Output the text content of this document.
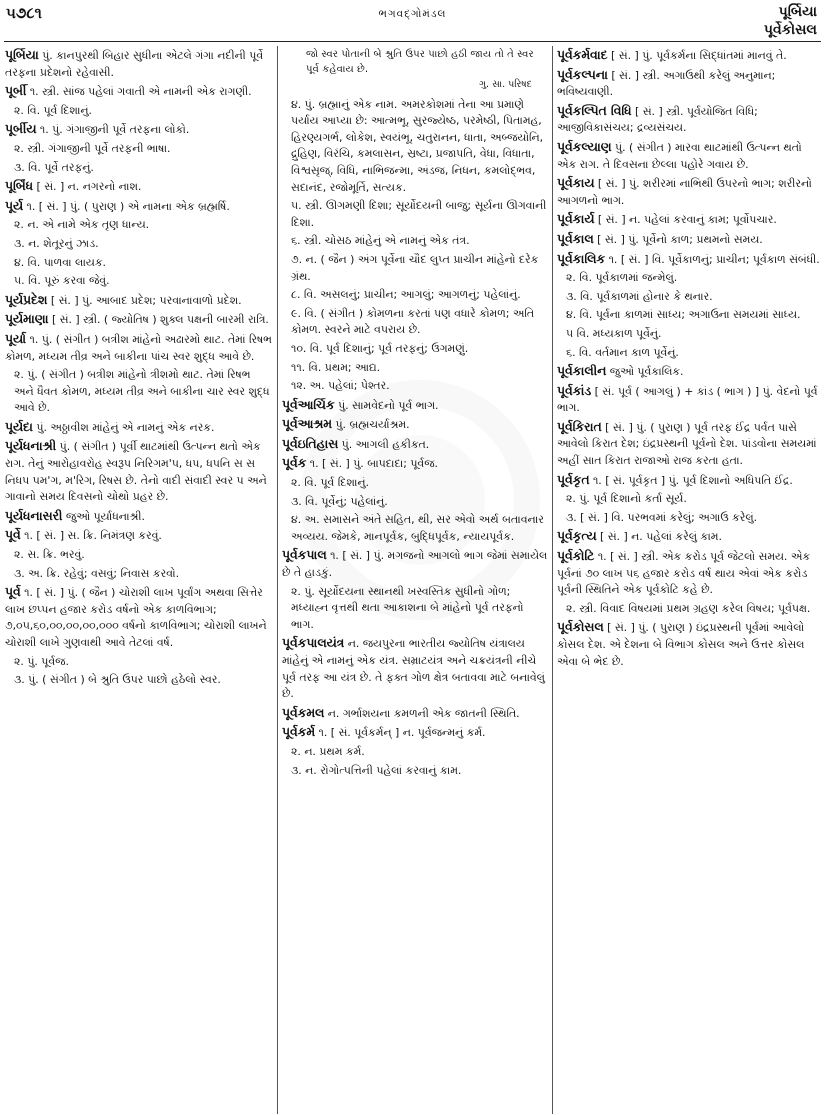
૫૭૮૧	ભગવદ્ગોમંડલ	પૂર્બિયા
પૂર્વેકોસલ
પૂર્બિયા પું. કાનપુરથી બિહાર સુધીના એટલે ગંગા નદીની પૂર્વે તરફના પ્રદેશનો રહેવાસી.
પૂર્બી ૧. સ્ત્રી. સાંજ પહેલાં ગવાતી એ નામની એક રાગણી.
૨. વિ. પૂર્વ દિશાનું.
પૂર્બીય ૧. પું. ગંગાજીની પૂર્વે તરફના લોકો.
૨. સ્ત્રી. ગંગાજીની પૂર્વે તરફની ભાષા.
૩. વિ. પૂર્વે તરફનું.
પૂર્બિંધ [ સં. ] ન. નગરનો નાશ.
પૂર્ય ૧. [ સં. ] પું. ( પુરાણ ) એ નામના એક બ્રહ્મર્ષિ.
૨. ન. એ નામે એક તૃણ ધાન્ય.
૩. ન. શેતૂરનું ઝાડ.
૪. વિ. પાળવા લાયક.
૫. વિ. પૂરું કરવા જેવું.
પૂર્યપ્રદેશ [ સં. ] પું. આબાદ પ્રદેશ; પરવાનાવાળો પ્રદેશ.
પૂર્યમાણા [ સં. ] સ્ત્રી. ( જ્યોતિષ ) શુક્લ પક્ષની બારમી રાત્રિ.
પૂર્યા ૧. પું. ( સંગીત ) બત્રીશ માંહેનો અઢારમો થાટ. તેમાં રિષભ કોમળ, મધ્યમ તીવ્ર અને બાકીના પાંચ સ્વર શુદ્ધ આવે છે.
૨. પું. ( સંગીત ) બત્રીશ માંહેનો ત્રીશમો થાટ. તેમાં રિષભ અને ધૈવત કોમળ, મધ્યમ તીવ્ર અને બાકીના ચાર સ્વર શુદ્ધ આવે છે.
પૂર્યદા પું. અઠ્ઠાવીશ માંહેનું એ નામનું એક નરક.
પૂર્યધનાશ્રી પું. ( સંગીત ) પૂર્વી થાટમાંથી ઉત્પન્ન થતો એક રાગ. તેનું આરોહાવરોહ સ્વરૂપ નિરિગમ'પ, ધપ, ધપનિ સ સ નિધપ પમ'ગ, મ'રિગ, રિષસ છે. તેનો વાદી સંવાદી સ્વર પ અને ગાવાનો સમય દિવસનો ચોથો પ્રહર છે.
પૂર્યધનાસરી જુઓ પૂર્યાધનાશ્રી.
પૂર્વે ૧. [ સં. ] સ. ક્રિ. નિમંત્રણ કરવું.
૨. સ. ક્રિ. ભરવું.
૩. અ. ક્રિ. રહેવું; વસવું; નિવાસ કરવો.
પૂર્વ ૧. [ સં. ] પું. ( જૈન ) ચોરાશી લાખ પૂર્વાંગ અથવા સિત્તેર લાખ છપ્પન હજાર કરોડ વર્ષનો એક કાળવિભાગ; ૭,૦૫,૬૦,૦૦,૦૦,૦૦,૦૦૦ વર્ષનો કાળવિભાગ; ચોરાશી લાખને ચોરાશી લાખે ગુણવાથી આવે તેટલાં વર્ષ.
૨. પું. પૂર્વજ.
૩. પું. ( સંગીત ) બે શ્રુતિ ઉપર પાછો હઠેલો સ્વર.
જો સ્વર પોતાની બે શ્રુતિ ઉપર પાછો હઠી જાય તો તે સ્વર પૂર્વ કહેવાય છે.
ગુ. સા. પરિષદ
૪. પું. બ્રહ્માનું એક નામ. અમરકોશમાં તેના આ પ્રમાણે પર્યાય આપ્યા છે: આત્મભૂ, સુરજ્યેષ્ઠ, પરમેષ્ઠી, પિતામહ, હિરણ્યગર્ભ, લોકેશ, સ્વયંભૂ, ચતુરાનન, ધાતા, અબ્જયોનિ, દ્રુહિણ, વિરંચિ, કમલાસન, સ્રષ્ટા, પ્રજાપતિ, વેધા, વિધાતા, વિશ્વસૃજ્, વિધિ, નાભિજન્મા, અંડજ, નિધન, કમલોદ્ભવ, સદાનંદ, રજોમૂર્તિ, સત્યક.
૫. સ્ત્રી. ઊગમણી દિશા; સૂર્યોદયની બાજુ; સૂર્યના ઊગવાની દિશા.
૬. સ્ત્રી. ચોસઠ માંહેનું એ નામનું એક તંત્ર.
૭. ન. ( જૈન ) અંગ પૂર્વેના ચૌદ લુપ્ત પ્રાચીન માંહેનો દરેક ગ્રંથ.
૮. વિ. અસલનું; પ્રાચીન; આગલું; આગળનું; પહેલાંનું.
૯. વિ. ( સંગીત ) કોમળના કરતાં પણ વધારે કોમળ; અતિ કોમળ. સ્વરને માટે વપરાય છે.
૧૦. વિ. પૂર્વ દિશાનું; પૂર્વ તરફનું; ઉગમણું.
૧૧. વિ. પ્રથમ; આદ્ય.
૧૨. અ. પહેલાં; પેશ્તર.
પૂર્વઆર્ચિક પું. સામવેદનો પૂર્વ ભાગ.
પૂર્વઆશ્રમ પું. બ્રહ્મચર્યાશ્રમ.
પૂર્વઇતિહાસ પું. આગલી હકીકત.
પૂર્વક ૧. [ સં. ] પું. બાપદાદા; પૂર્વજ.
૨. વિ. પૂર્વ દિશાનું.
૩. વિ. પૂર્વેનું; પહેલાંનું.
૪. અ. સમાસને અંતે સહિત, થી, સર એવો અર્થ બતાવનાર અવ્યય. જેમકે, માનપૂર્વક, બુદ્ધિપૂર્વક, ન્યાયપૂર્વક.
પૂર્વકપાલ ૧. [ સં. ] પું. મગજનો આગલો ભાગ જેમાં સમાયેલ છે તે હાડકું.
૨. પું. સૂર્યોદયના સ્થાનથી ખસ્વસ્તિક સુધીનો ગોળ; મધ્યાહ્ન વૃત્તથી થતા આકાશના બે માંહેનો પૂર્વ તરફનો ભાગ.
પૂર્વકપાલયંત્ર ન. જયપુરના ભારતીય જ્યોતિષ યંત્રાલય માંહેનું એ નામનું એક યંત્ર. સમ્રાટયંત્ર અને ચક્રયંત્રની નીચે પૂર્વ તરફ આ યંત્ર છે. તે ફક્ત ગોળ ક્ષેત્ર બતાવવા માટે બનાવેલું છે.
પૂર્વકમલ ન. ગર્ભાશયના કમળની એક જાતની સ્થિતિ.
પૂર્વકર્મ ૧. [ સં. પૂર્વકર્મન્ ] ન. પૂર્વજન્મનું કર્મ.
૨. ન. પ્રથમ કર્મ.
૩. ન. રોગોત્પત્તિની પહેલાં કરવાનું કામ.
પૂર્વકર્મવાદ [ સં. ] પું. પૂર્વકર્મના સિદ્ધાંતમાં માનવું તે.
પૂર્વકલ્પના [ સં. ] સ્ત્રી. અગાઉથી કરેલું અનુમાન; ભવિષ્યવાણી.
પૂર્વકલ્પિત વિધિ [ સં. ] સ્ત્રી. પૂર્વયોજિત વિધિ; આજીવિકાસંચય; દ્રવ્યસંચય.
પૂર્વકલ્યાણ પું. ( સંગીત ) મારવા થાટમાંથી ઉત્પન્ન થતો એક રાગ. તે દિવસના છેલ્લા પહોરે ગવાય છે.
પૂર્વકાય [ સં. ] પું. શરીરમાં નાભિથી ઉપરનો ભાગ; શરીરનો આગળનો ભાગ.
પૂર્વકાર્ય [ સં. ] ન. પહેલાં કરવાનું કામ; પૂર્વોપચાર.
પૂર્વકાલ [ સં. ] પું. પૂર્વેનો કાળ; પ્રથમનો સમય.
પૂર્વકાલિક ૧. [ સં. ] વિ. પૂર્વેકાળનું; પ્રાચીન; પૂર્વકાળ સંબંધી.
૨. વિ. પૂર્વકાળમાં જન્મેલું.
૩. વિ. પૂર્વકાળમાં હોનાર કે થનાર.
૪. વિ. પૂર્વના કાળમાં સાધ્ય; અગાઉના સમયમાં સાધ્ય.
૫ વિ. મધ્યકાળ પૂર્વેનું.
૬. વિ. વર્તમાન કાળ પૂર્વેનું.
પૂર્વકાલીન જુઓ પૂર્વકાલિક.
પૂર્વકાંડ [ સં. પૂર્વ ( આગલું ) + કાંડ ( ભાગ ) ] પું. વેદનો પૂર્વ ભાગ.
પૂર્વકિરાત [ સં. ] પું. ( પુરાણ ) પૂર્વ તરફ ઈંદ્ર પર્વત પાસે આવેલો કિરાત દેશ; ઇંદ્રપ્રસ્થની પૂર્વનો દેશ. પાંડવોના સમયમાં અહીં સાત કિરાત રાજાઓ રાજ કરતા હતા.
પૂર્વકૃત ૧. [ સં. પૂર્વકૃત ] પું. પૂર્વ દિશાનો અધિપતિ ઈંદ્ર.
૨. પું. પૂર્વ દિશાનો કર્તા સૂર્ય.
૩. [ સં. ] વિ. પરભવમાં કરેલું; અગાઉ કરેલું.
પૂર્વકૃત્ય [ સં. ] ન. પહેલાં કરેલું કામ.
પૂર્વકોટિ ૧. [ સં. ] સ્ત્રી. એક કરોડ પૂર્વ જેટલો સમય. એક પૂર્વનાં ૭૦ લાખ ૫૬ હજાર કરોડ વર્ષ થાય એવાં એક કરોડ પૂર્વની સ્થિતિને એક પૂર્વકોટિ કહે છે.
૨. સ્ત્રી. વિવાદ વિષયમાં પ્રથમ ગ્રહણ કરેલ વિષય; પૂર્વપક્ષ.
પૂર્વકોસલ [ સં. ] પું. ( પુરાણ ) ઇંદ્રપ્રસ્થની પૂર્વમાં આવેલો કોસલ દેશ. એ દેશના બે વિભાગ કોસલ અને ઉત્તર કોસલ એવા બે ભેદ છે.
